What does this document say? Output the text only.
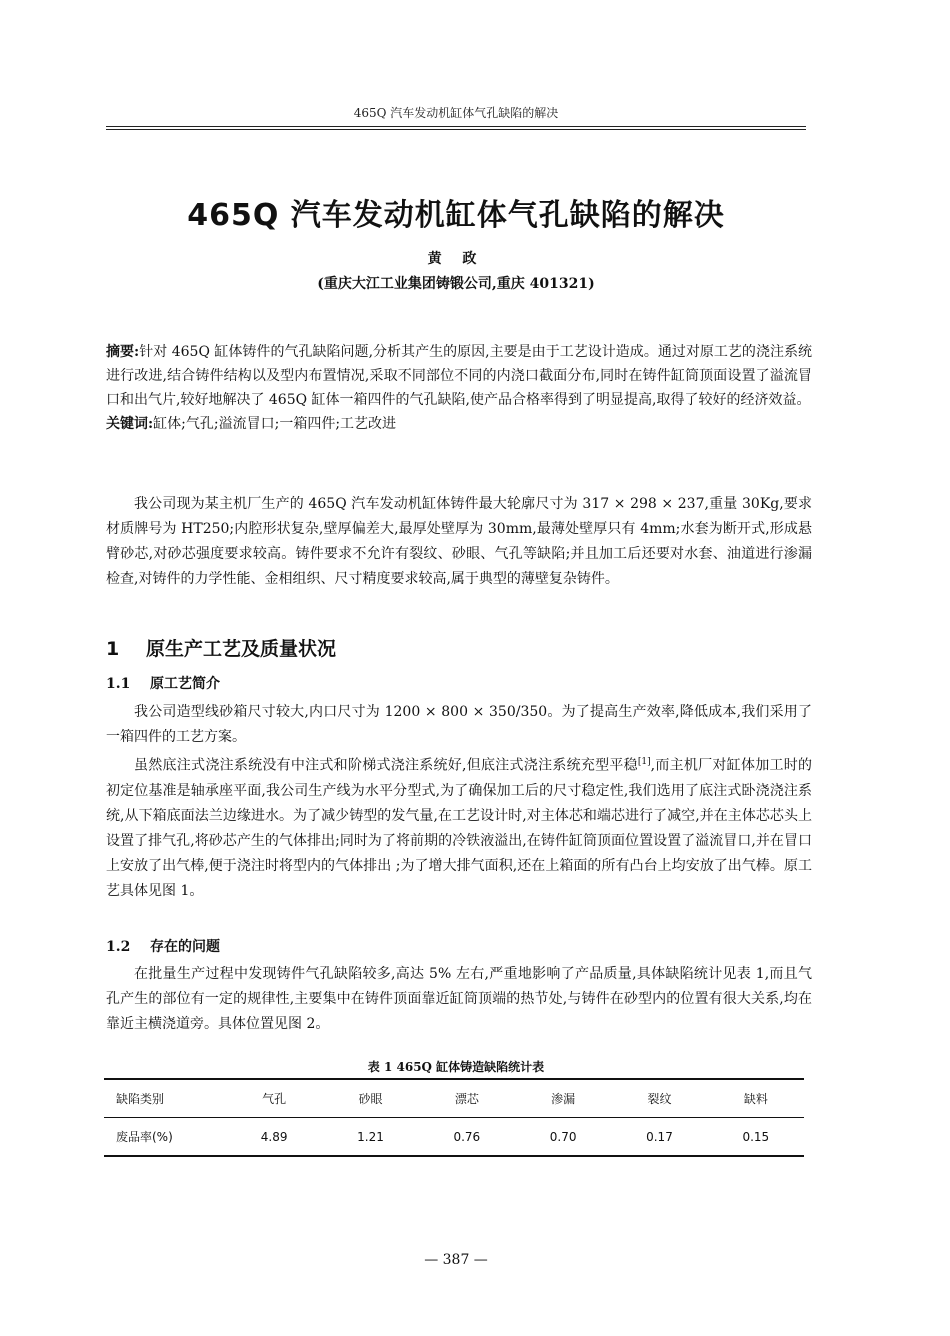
465Q 汽车发动机缸体气孔缺陷的解决
465Q 汽车发动机缸体气孔缺陷的解决
黄 政
(重庆大江工业集团铸锻公司,重庆 401321)
摘要:针对 465Q 缸体铸件的气孔缺陷问题,分析其产生的原因,主要是由于工艺设计造成。通过对原工艺的浇注系统进行改进,结合铸件结构以及型内布置情况,采取不同部位不同的内浇口截面分布,同时在铸件缸筒顶面设置了溢流冒口和出气片,较好地解决了 465Q 缸体一箱四件的气孔缺陷,使产品合格率得到了明显提高,取得了较好的经济效益。
关键词:缸体;气孔;溢流冒口;一箱四件;工艺改进

我公司现为某主机厂生产的 465Q 汽车发动机缸体铸件最大轮廓尺寸为 317 × 298 × 237,重量 30Kg,要求材质牌号为 HT250;内腔形状复杂,壁厚偏差大,最厚处壁厚为 30mm,最薄处壁厚只有 4mm;水套为断开式,形成悬臂砂芯,对砂芯强度要求较高。铸件要求不允许有裂纹、砂眼、气孔等缺陷;并且加工后还要对水套、油道进行渗漏检查,对铸件的力学性能、金相组织、尺寸精度要求较高,属于典型的薄壁复杂铸件。

1 原生产工艺及质量状况
1.1 原工艺简介

我公司造型线砂箱尺寸较大,内口尺寸为 1200 × 800 × 350/350。为了提高生产效率,降低成本,我们采用了一箱四件的工艺方案。

虽然底注式浇注系统没有中注式和阶梯式浇注系统好,但底注式浇注系统充型平稳[1],而主机厂对缸体加工时的初定位基准是轴承座平面,我公司生产线为水平分型式,为了确保加工后的尺寸稳定性,我们选用了底注式卧浇浇注系统,从下箱底面法兰边缘进水。为了减少铸型的发气量,在工艺设计时,对主体芯和端芯进行了减空,并在主体芯芯头上设置了排气孔,将砂芯产生的气体排出;同时为了将前期的冷铁液溢出,在铸件缸筒顶面位置设置了溢流冒口,并在冒口上安放了出气棒,便于浇注时将型内的气体排出 ;为了增大排气面积,还在上箱面的所有凸台上均安放了出气棒。原工艺具体见图 1。

1.2 存在的问题

在批量生产过程中发现铸件气孔缺陷较多,高达 5% 左右,严重地影响了产品质量,具体缺陷统计见表 1,而且气孔产生的部位有一定的规律性,主要集中在铸件顶面靠近缸筒顶端的热节处,与铸件在砂型内的位置有很大关系,均在靠近主横浇道旁。具体位置见图 2。

表 1 465Q 缸体铸造缺陷统计表
缺陷类别	气孔	砂眼	漂芯	渗漏	裂纹	缺料
废品率(%)	4.89	1.21	0.76	0.70	0.17	0.15
— 387 —
